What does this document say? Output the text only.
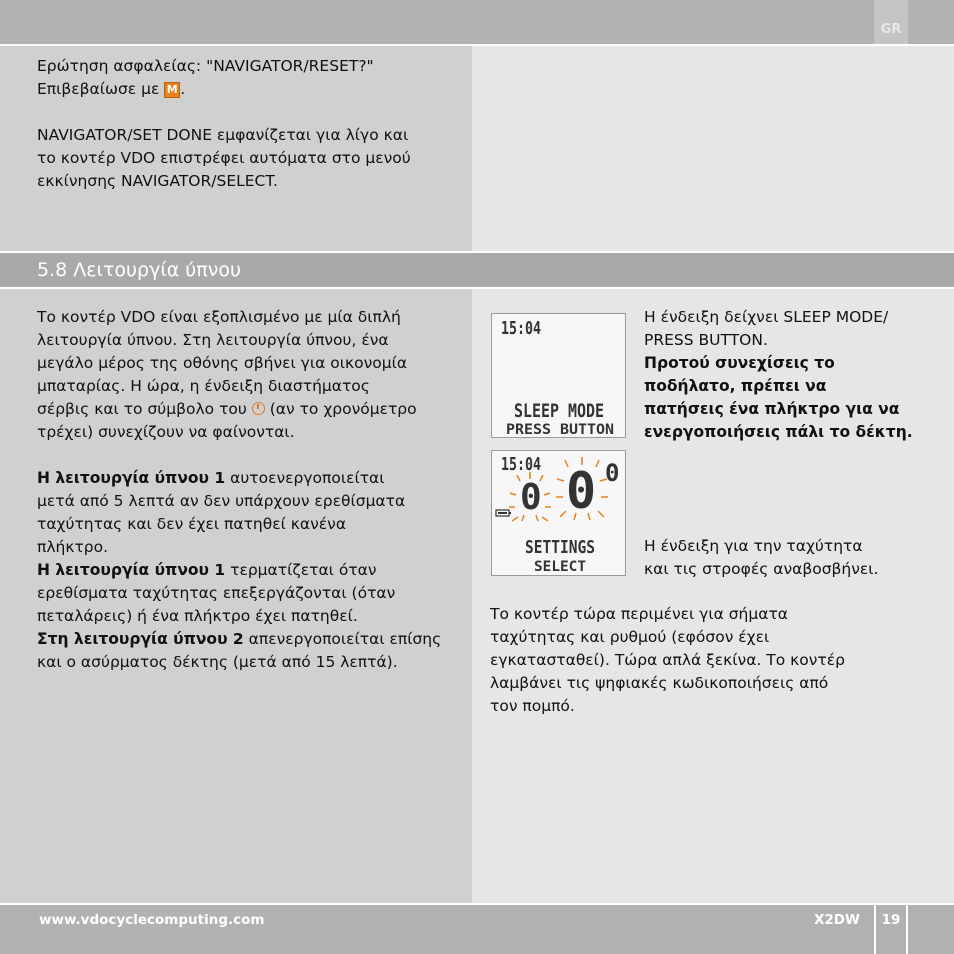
GR
5.8 Λειτουργία ύπνου

Ερώτηση ασφαλείας: "NAVIGATOR/RESET?"

Επιβεβαίωσε με M .

NAVIGATOR/SET DONE εμφανίζεται για λίγο και

το κοντέρ VDO επιστρέφει αυτόματα στο μενού

εκκίνησης NAVIGATOR/SELECT.

Το κοντέρ VDO είναι εξοπλισμένο με μία διπλή

λειτουργία ύπνου. Στη λειτουργία ύπνου, ένα

μεγάλο μέρος της οθόνης σβήνει για οικονομία

μπαταρίας. Η ώρα, η ένδειξη διαστήματος

σέρβις και το σύμβολο του  (αν το χρονόμετρο

τρέχει) συνεχίζουν να φαίνονται.

Η λειτουργία ύπνου 1 αυτοενεργοποιείται

μετά από 5 λεπτά αν δεν υπάρχουν ερεθίσματα

ταχύτητας και δεν έχει πατηθεί κανένα

πλήκτρο.

Η λειτουργία ύπνου 1 τερματίζεται όταν

ερεθίσματα ταχύτητας επεξεργάζονται (όταν

πεταλάρεις) ή ένα πλήκτρο έχει πατηθεί.

Στη λειτουργία ύπνου 2 απενεργοποιείται επίσης

και ο ασύρματος δέκτης (μετά από 15 λεπτά).

15:04
SLEEP MODE
PRESS BUTTON

Η ένδειξη δείχνει SLEEP MODE/

PRESS BUTTON.

Προτού συνεχίσεις το

ποδήλατο, πρέπει να

πατήσεις ένα πλήκτρο για να

ενεργοποιήσεις πάλι το δέκτη.

15:04
0 0 0
SETTINGS
SELECT

Η ένδειξη για την ταχύτητα

και τις στροφές αναβοσβήνει.

Το κοντέρ τώρα περιμένει για σήματα

ταχύτητας και ρυθμού (εφόσον έχει

εγκατασταθεί). Τώρα απλά ξεκίνα. Το κοντέρ

λαμβάνει τις ψηφιακές κωδικοποιήσεις από

τον πομπό.

www.vdocyclecomputing.com	X2DW	19
